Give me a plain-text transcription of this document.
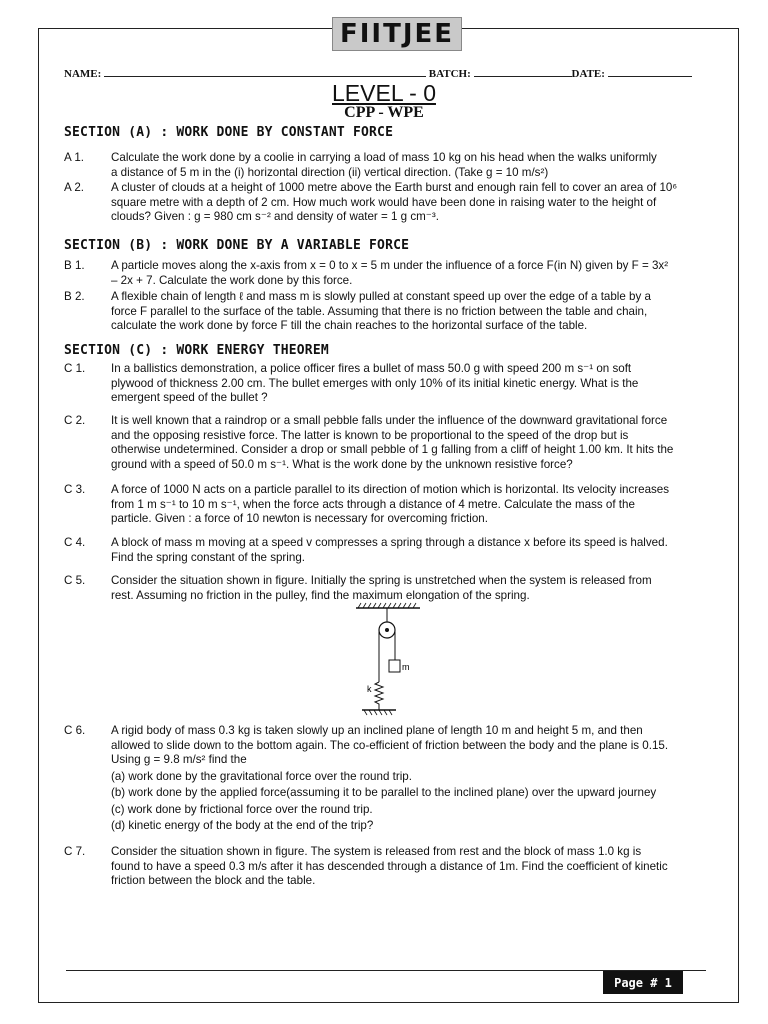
FIITJEE
NAME:	BATCH:	DATE:
LEVEL - 0
CPP - WPE
SECTION (A) : WORK DONE BY CONSTANT FORCE
A 1.	Calculate the work done by a coolie in carrying a load of mass 10 kg on his head when the walks uniformly
a distance of 5 m in the (i) horizontal direction (ii) vertical direction. (Take g = 10 m/s²)
A 2.	A cluster of clouds at a height of 1000 metre above the Earth burst and enough rain fell to cover an area of 10⁶
square metre with a depth of 2 cm. How much work would have been done in raising water to the height of
clouds? Given : g = 980 cm s⁻² and density of water = 1 g cm⁻³.
SECTION (B) : WORK DONE BY A VARIABLE FORCE
B 1.	A particle moves along the x-axis from x = 0 to x = 5 m under the influence of a force F(in N) given by F = 3x²
– 2x + 7. Calculate the work done by this force.
B 2.	A flexible chain of length ℓ and mass m is slowly pulled at constant speed up over the edge of a table by a
force F parallel to the surface of the table. Assuming that there is no friction between the table and chain,
calculate the work done by force F till the chain reaches to the horizontal surface of the table.
SECTION (C) : WORK ENERGY THEOREM
C 1.	In a ballistics demonstration, a police officer fires a bullet of mass 50.0 g with speed 200 m s⁻¹ on soft
plywood of thickness 2.00 cm. The bullet emerges with only 10% of its initial kinetic energy. What is the
emergent speed of the bullet ?
C 2.	It is well known that a raindrop or a small pebble falls under the influence of the downward gravitational force
and the opposing resistive force. The latter is known to be proportional to the speed of the drop but is
otherwise undetermined. Consider a drop or small pebble of 1 g falling from a cliff of height 1.00 km. It hits the
ground with a speed of 50.0 m s⁻¹. What is the work done by the unknown resistive force?
C 3.	A force of 1000 N acts on a particle parallel to its direction of motion which is horizontal. Its velocity increases
from 1 m s⁻¹ to 10 m s⁻¹, when the force acts through a distance of 4 metre. Calculate the mass of the
particle. Given : a force of 10 newton is necessary for overcoming friction.
C 4.	A block of mass m moving at a speed v compresses a spring through a distance x before its speed is halved.
Find the spring constant of the spring.
C 5.	Consider the situation shown in figure. Initially the spring is unstretched when the system is released from
rest. Assuming no friction in the pulley, find the maximum elongation of the spring.
m
k
C 6.	A rigid body of mass 0.3 kg is taken slowly up an inclined plane of length 10 m and height 5 m, and then
allowed to slide down to the bottom again. The co-efficient of friction between the body and the plane is 0.15.
Using g = 9.8 m/s² find the
(a) work done by the gravitational force over the round trip.
(b) work done by the applied force(assuming it to be parallel to the inclined plane) over the upward journey
(c) work done by frictional force over the round trip.
(d) kinetic energy of the body at the end of the trip?
C 7.	Consider the situation shown in figure. The system is released from rest and the block of mass 1.0 kg is
found to have a speed 0.3 m/s after it has descended through a distance of 1m. Find the coefficient of kinetic
friction between the block and the table.
Page # 1
